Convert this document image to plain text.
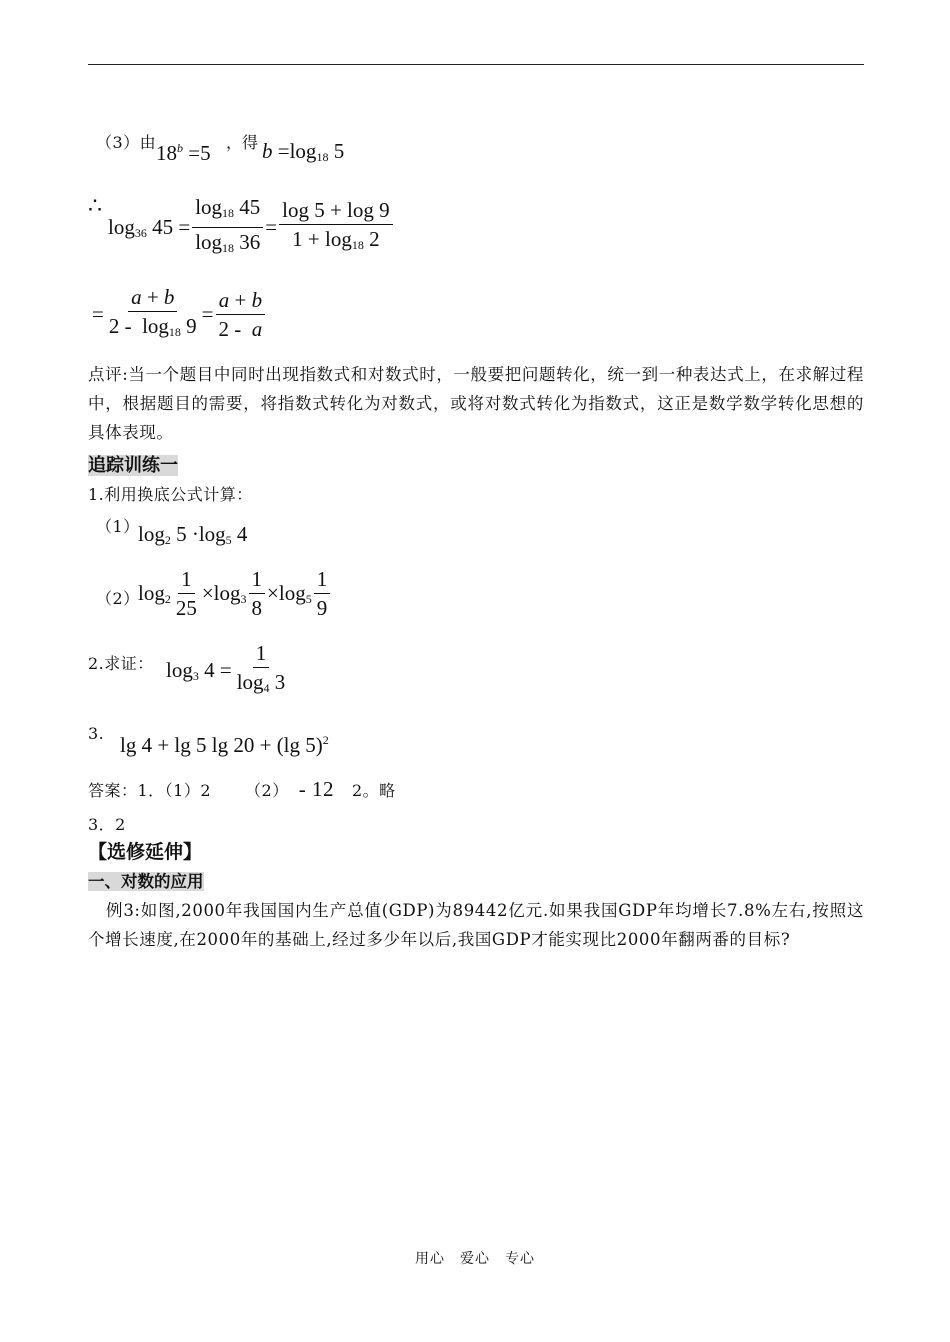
（3）由 $18^b =5$ ， 得 $b =\log_{18}$ 5
∴
$\log_{36} 45 = \frac{\log_{18} 45}{\log_{18} 36} = \frac{\log 5 + \log 9}{1 + \log_{18} 2}$
= $\frac{a + b}{2 - \log_{18} 9} = \frac{a + b}{2 - a}$
点评:当一个题目中同时出现指数式和对数式时，一般要把问题转化，统一到一种表达式上，在求解过程中，根据题目的需要，将指数式转化为对数式，或将对数式转化为指数式，这正是数学数学转化思想的具体表现。
追踪训练一
1.利用换底公式计算：
（1）
$\log_2 5 \cdot\log_5$ 4
（2）
$\log_2 \frac{1}{25} \times\log_3 \frac{1}{8} \times\log_5 \frac{1}{9}$
2.求证： $\log_3 4 = \frac{1}{\log_4 3}$
3. lg 4 + lg 5 lg 20 + (lg 5)$^2$
答案：1．（1）2 （2） - 12 2。略
3．2
【选修延伸】
一、对数的应用
例3:如图,2000年我国国内生产总值(GDP)为89442亿元.如果我国GDP年均增长7.8%左右,按照这个增长速度,在2000年的基础上,经过多少年以后,我国GDP才能实现比2000年翻两番的目标?
用心　爱心　专心
